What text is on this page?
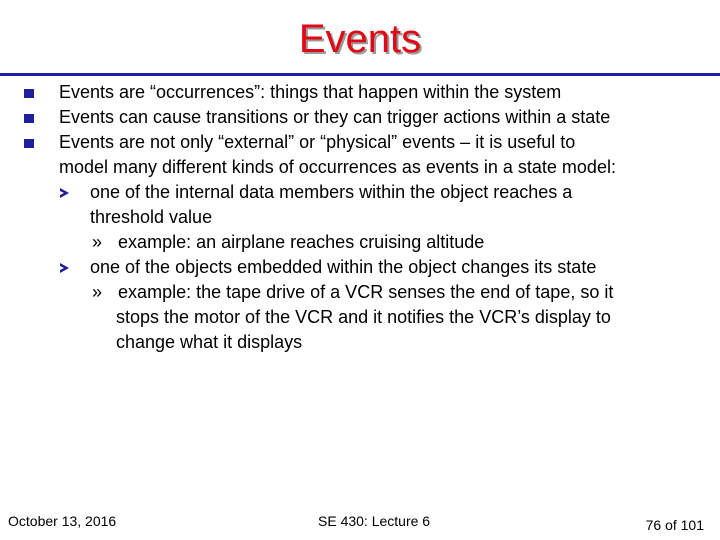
Events
Events are “occurrences”: things that happen within the system
Events can cause transitions or they can trigger actions within a state
Events are not only “external” or “physical” events – it is useful to
model many different kinds of occurrences as events in a state model:
one of the internal data members within the object reaches a
threshold value
» example: an airplane reaches cruising altitude
one of the objects embedded within the object changes its state
» example: the tape drive of a VCR senses the end of tape, so it
stops the motor of the VCR and it notifies the VCR’s display to
change what it displays
October 13, 2016	SE 430: Lecture 6	76 of 101
